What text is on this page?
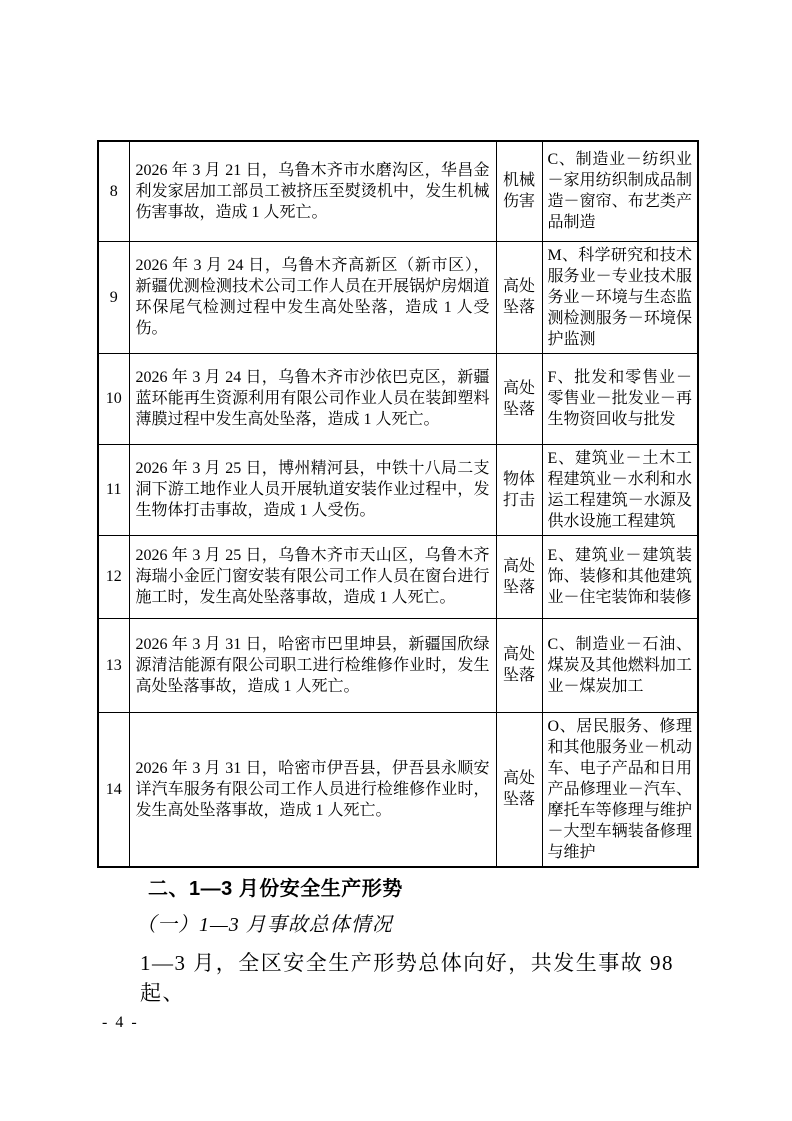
8	2026 年 3 月 21 日，乌鲁木齐市水磨沟区，华昌金利发家居加工部员工被挤压至熨烫机中，发生机械伤害事故，造成 1 人死亡。	机械伤害	C、制造业－纺织业－家用纺织制成品制造－窗帘、布艺类产品制造
9	2026 年 3 月 24 日，乌鲁木齐高新区（新市区），新疆优测检测技术公司工作人员在开展锅炉房烟道环保尾气检测过程中发生高处坠落，造成 1 人受伤。	高处坠落	M、科学研究和技术服务业－专业技术服务业－环境与生态监测检测服务－环境保护监测
10	2026 年 3 月 24 日，乌鲁木齐市沙依巴克区，新疆蓝环能再生资源利用有限公司作业人员在装卸塑料薄膜过程中发生高处坠落，造成 1 人死亡。	高处坠落	F、批发和零售业－零售业－批发业－再生物资回收与批发
11	2026 年 3 月 25 日，博州精河县，中铁十八局二支洞下游工地作业人员开展轨道安装作业过程中，发生物体打击事故，造成 1 人受伤。	物体打击	E、建筑业－土木工程建筑业－水利和水运工程建筑－水源及供水设施工程建筑
12	2026 年 3 月 25 日，乌鲁木齐市天山区，乌鲁木齐海瑞小金匠门窗安装有限公司工作人员在窗台进行施工时，发生高处坠落事故，造成 1 人死亡。	高处坠落	E、建筑业－建筑装饰、装修和其他建筑业－住宅装饰和装修
13	2026 年 3 月 31 日，哈密市巴里坤县，新疆国欣绿源清洁能源有限公司职工进行检维修作业时，发生高处坠落事故，造成 1 人死亡。	高处坠落	C、制造业－石油、煤炭及其他燃料加工业－煤炭加工
14	2026 年 3 月 31 日，哈密市伊吾县，伊吾县永顺安详汽车服务有限公司工作人员进行检维修作业时，发生高处坠落事故，造成 1 人死亡。	高处坠落	O、居民服务、修理和其他服务业－机动车、电子产品和日用产品修理业－汽车、摩托车等修理与维护－大型车辆装备修理与维护
二、1—3 月份安全生产形势
（一）1—3 月事故总体情况
1—3 月，全区安全生产形势总体向好，共发生事故 98 起、
- 4 -
